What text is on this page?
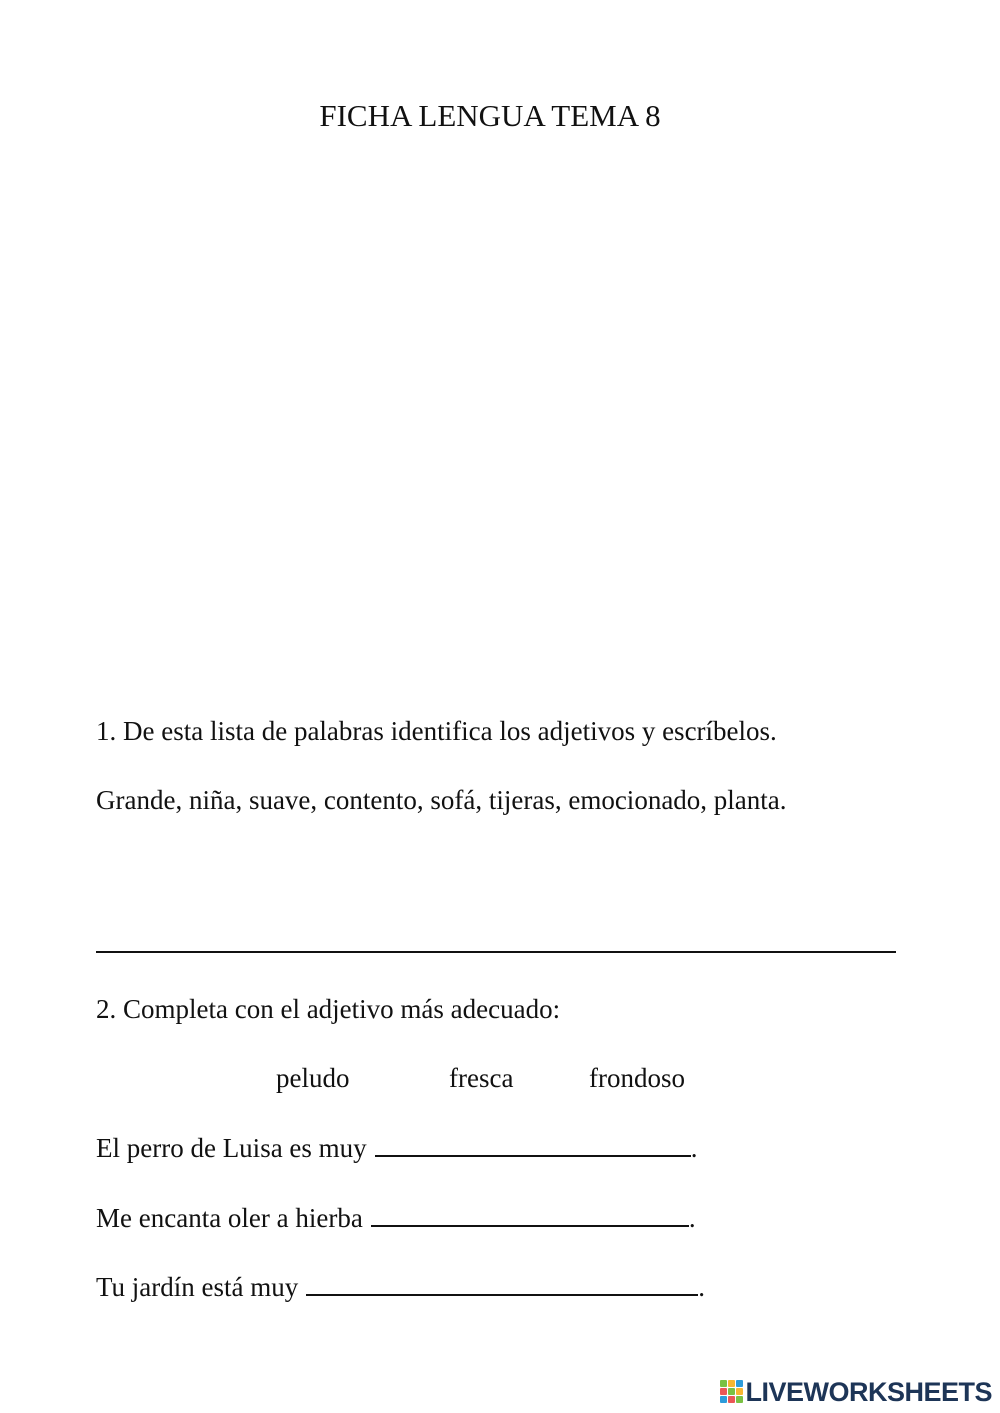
FICHA LENGUA TEMA 8
1. De esta lista de palabras identifica los adjetivos y escríbelos.
Grande, niña, suave, contento, sofá, tijeras, emocionado, planta.
2. Completa con el adjetivo más adecuado:
peludo	fresca	frondoso
El perro de Luisa es muy	.
Me encanta oler a hierba	.
Tu jardín está muy	.
LIVEWORKSHEETS
